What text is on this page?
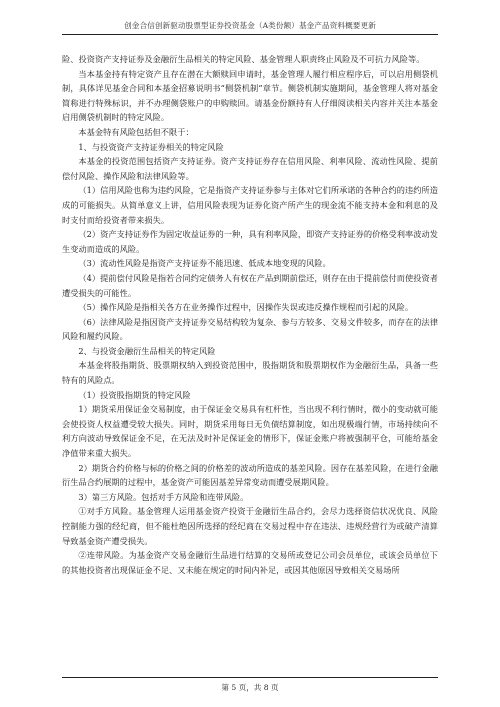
创金合信创新驱动股票型证券投资基金（A类份额）基金产品资料概要更新

险、投资资产支持证券及金融衍生品相关的特定风险、基金管理人职责终止风险及不可抗力风险等。

当本基金持有特定资产且存在潜在大额赎回申请时，基金管理人履行相应程序后，可以启用侧袋机制，具体详见基金合同和本基金招募说明书“侧袋机制”章节。侧袋机制实施期间，基金管理人将对基金简称进行特殊标识，并不办理侧袋账户的申购赎回。请基金份额持有人仔细阅读相关内容并关注本基金启用侧袋机制时的特定风险。

本基金特有风险包括但不限于：

1、与投资资产支持证券相关的特定风险

本基金的投资范围包括资产支持证券。资产支持证券存在信用风险、利率风险、流动性风险、提前偿付风险、操作风险和法律风险等。

（1）信用风险也称为违约风险，它是指资产支持证券参与主体对它们所承诺的各种合约的违约所造成的可能损失。从简单意义上讲，信用风险表现为证券化资产所产生的现金流不能支持本金和利息的及时支付而给投资者带来损失。

（2）资产支持证券作为固定收益证券的一种，具有利率风险，即资产支持证券的价格受利率波动发生变动而造成的风险。

（3）流动性风险是指资产支持证券不能迅速、低成本地变现的风险。

（4）提前偿付风险是指若合同约定债务人有权在产品到期前偿还，则存在由于提前偿付而使投资者遭受损失的可能性。

（5）操作风险是指相关各方在业务操作过程中，因操作失误或违反操作规程而引起的风险。

（6）法律风险是指因资产支持证券交易结构较为复杂、参与方较多、交易文件较多，而存在的法律风险和履约风险。

2、与投资金融衍生品相关的特定风险

本基金将股指期货、股票期权纳入到投资范围中，股指期货和股票期权作为金融衍生品，具备一些特有的风险点。

（1）投资股指期货的特定风险

1）期货采用保证金交易制度，由于保证金交易具有杠杆性，当出现不利行情时，微小的变动就可能会使投资人权益遭受较大损失。同时，期货采用每日无负债结算制度，如出现极端行情，市场持续向不利方向波动导致保证金不足，在无法及时补足保证金的情形下，保证金账户将被强制平仓，可能给基金净值带来重大损失。

2）期货合约价格与标的价格之间的价格差的波动所造成的基差风险。因存在基差风险，在进行金融衍生品合约展期的过程中，基金资产可能因基差异常变动而遭受展期风险。

3）第三方风险。包括对手方风险和连带风险。

①对手方风险。基金管理人运用基金资产投资于金融衍生品合约，会尽力选择资信状况优良、风险控制能力强的经纪商，但不能杜绝因所选择的经纪商在交易过程中存在违法、违规经营行为或破产清算导致基金资产遭受损失。

②连带风险。为基金资产交易金融衍生品进行结算的交易所或登记公司会员单位，或该会员单位下的其他投资者出现保证金不足、又未能在规定的时间内补足，或因其他原因导致相关交易场所

第 5 页，共 8 页
